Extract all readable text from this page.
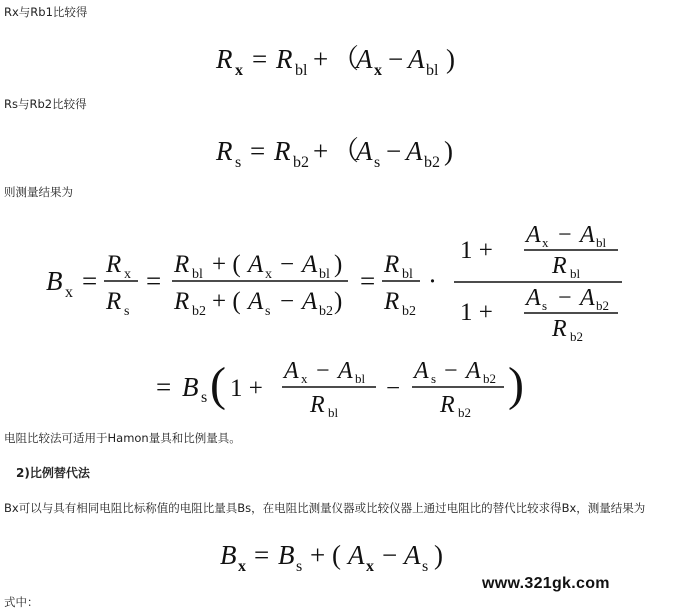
Rx与Rb1比较得

R x = R bl + （
A x − A bl )

Rs与Rb2比较得

R s = R b2 + （
A s − A b2 )

则测量结果为

B x =
R x
R s
=
R bl + ( A x − A bl )
R b2 + ( A s − A b2 )
=
R bl
R b2
·
1 +
A x − A bl
R bl
1 +
A s − A b2
R b2
= B s ( 1 +
A x − A bl
R bl
−
A s − A b2
R b2
)

电阻比较法可适用于Hamon量具和比例量具。

2)比例替代法

Bx可以与具有相同电阻比标称值的电阻比量具Bs，在电阻比测量仪器或比较仪器上通过电阻比的替代比较求得Bx，测量结果为

B x = B s + ( A x − A s )
www.321gk.com

式中：
